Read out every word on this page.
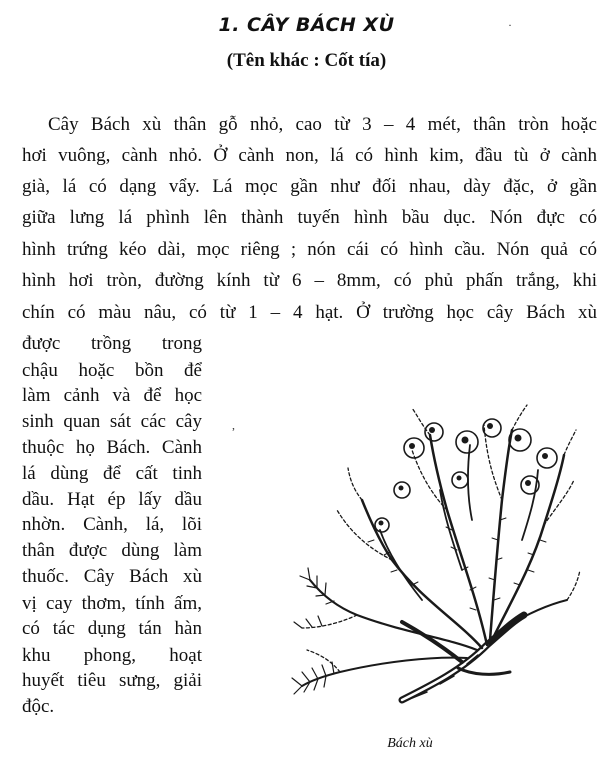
1. CÂY BÁCH XÙ
(Tên khác : Cốt tía)
Cây Bách xù thân gỗ nhỏ, cao từ 3 – 4 mét, thân tròn hoặc
hơi vuông, cành nhỏ. Ở cành non, lá có hình kim, đầu tù ở cành
già, lá có dạng vẩy. Lá mọc gần như đối nhau, dày đặc, ở gần
giữa lưng lá phình lên thành tuyến hình bầu dục. Nón đực có
hình trứng kéo dài, mọc riêng ; nón cái có hình cầu. Nón quả có
hình hơi tròn, đường kính từ 6 – 8mm, có phủ phấn trắng, khi
chín có màu nâu, có từ 1 – 4 hạt. Ở trường học cây Bách xù
được trồng trong
chậu hoặc bồn để
làm cảnh và để học
sinh quan sát các cây
thuộc họ Bách. Cành
lá dùng để cất tinh
dầu. Hạt ép lấy dầu
nhờn. Cành, lá, lõi
thân được dùng làm
thuốc. Cây Bách xù
vị cay thơm, tính ấm,
có tác dụng tán hàn
khu phong, hoạt
huyết tiêu sưng, giải
độc.
·
,
Bách xù
